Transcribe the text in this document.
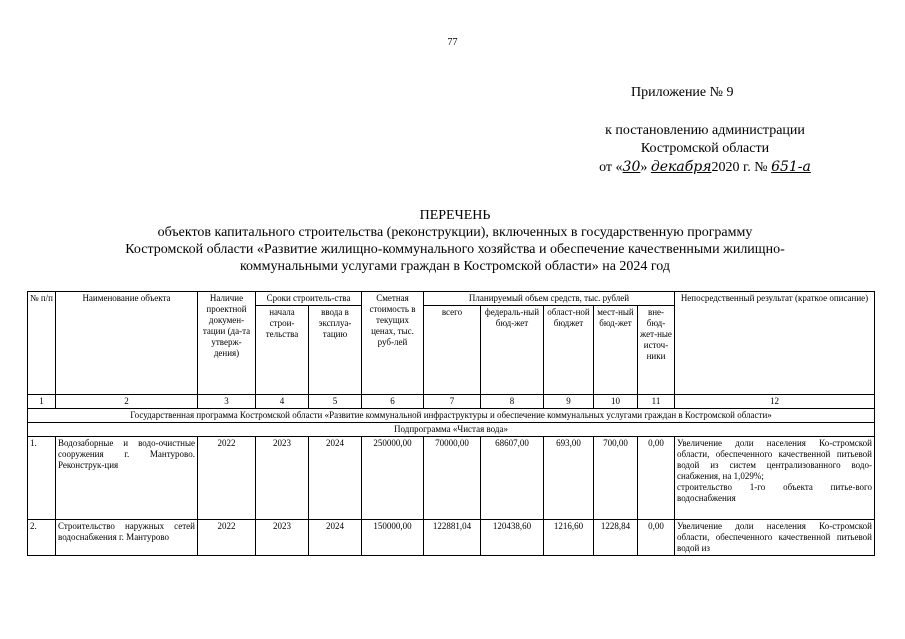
77
Приложение № 9
к постановлению администрации
Костромской области
от «30» декабря2020 г. № 651-а
ПЕРЕЧЕНЬ
объектов капитального строительства (реконструкции), включенных в государственную программу
Костромской области «Развитие жилищно-коммунального хозяйства и обеспечение качественными жилищно-
коммунальными услугами граждан в Костромской области» на 2024 год
№ п/п	Наименование объекта	Наличие проектной докумен-тации (да-та утверж-дения)	Сроки строитель-ства		Сметная стоимость в текущих ценах, тыс. руб-лей	Планируемый объем средств, тыс. рублей					Непосредственный результат (краткое описание)
			начала строи-тельства	ввода в эксплуа-тацию		всего	федераль-ный бюд-жет	област-ной бюджет	мест-ный бюд-жет	вне-бюд-жет-ные источ-ники	
1	2	3	4	5	6	7	8	9	10	11	12
Государственная программа Костромской области «Развитие коммунальной инфраструктуры и обеспечение коммунальных услугами граждан в Костромской области»											
Подпрограмма «Чистая вода»											
1.	Водозаборные и водо-очистные сооружения г. Мантурово. Реконструк-ция	2022	2023	2024	250000,00	70000,00	68607,00	693,00	700,00	0,00	Увеличение доли населения Ко-стромской области, обеспеченного качественной питьевой водой из систем централизованного водо-снабжения, на 1,029%;
строительство 1-го объекта питье-вого водоснабжения

2.	Строительство наружных сетей водоснабжения г. Мантурово	2022	2023	2024	150000,00	122881,04	120438,60	1216,60	1228,84	0,00	Увеличение доли населения Ко-стромской области, обеспеченного качественной питьевой водой из
